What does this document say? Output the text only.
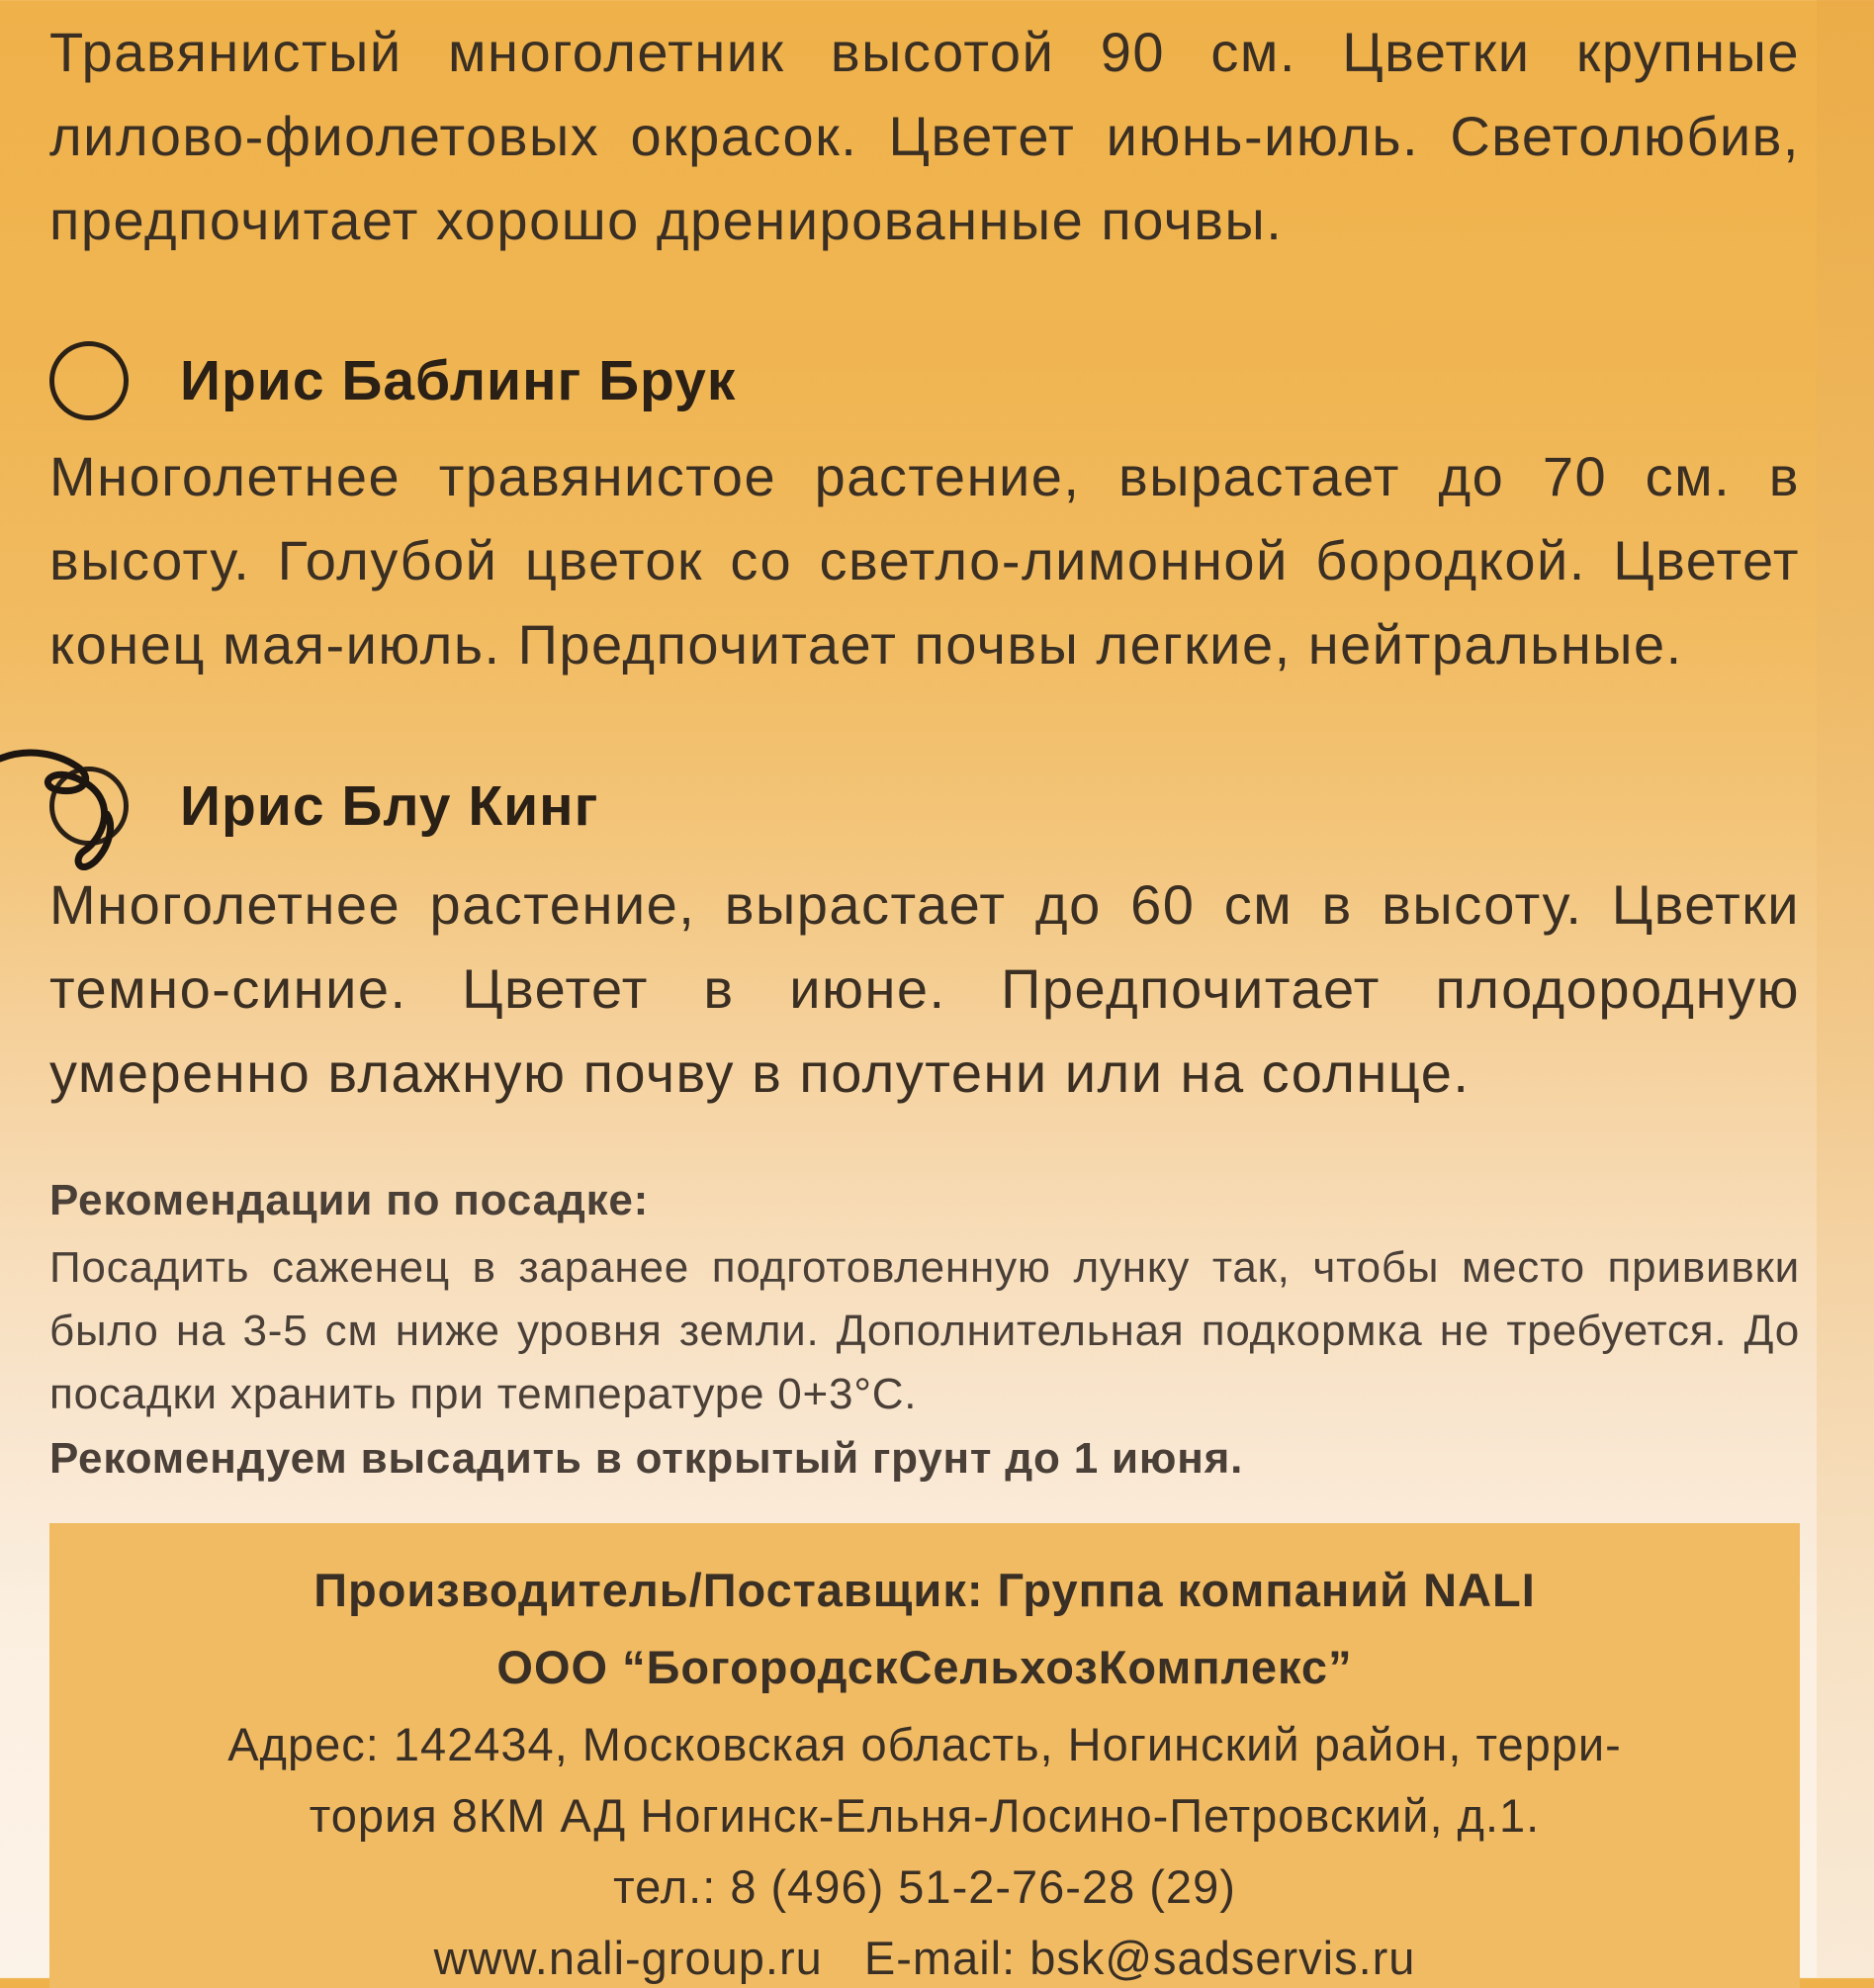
Травянистый многолетник высотой 90 см. Цветки крупные лилово-фиолетовых окрасок. Цветет июнь-июль. Светолюбив, предпочитает хорошо дренированные почвы.
Ирис Баблинг Брук
Многолетнее травянистое растение, вырастает до 70 см. в высоту. Голубой цветок со светло-лимонной бородкой. Цветет конец мая-июль. Предпочитает почвы легкие, нейтральные.
Ирис Блу Кинг
Многолетнее растение, вырастает до 60 см в высоту. Цветки темно-синие. Цветет в июне. Предпочитает плодородную умеренно влажную почву в полутени или на солнце.
Рекомендации по посадке:
Посадить саженец в заранее подготовленную лунку так, чтобы место прививки было на 3-5 см ниже уровня земли. Дополнительная подкормка не требуется. До посадки хранить при температуре 0+3°С.
Рекомендуем высадить в открытый грунт до 1 июня.
Производитель/Поставщик: Группа компаний NALI
ООО “БогородскСельхозКомплекс”
Адрес: 142434, Московская область, Ногинский район, терри-
тория 8КМ АД Ногинск-Ельня-Лосино-Петровский, д.1.
тел.: 8 (496) 51-2-76-28 (29)
www.nali-group.ru   E-mail: bsk@sadservis.ru
